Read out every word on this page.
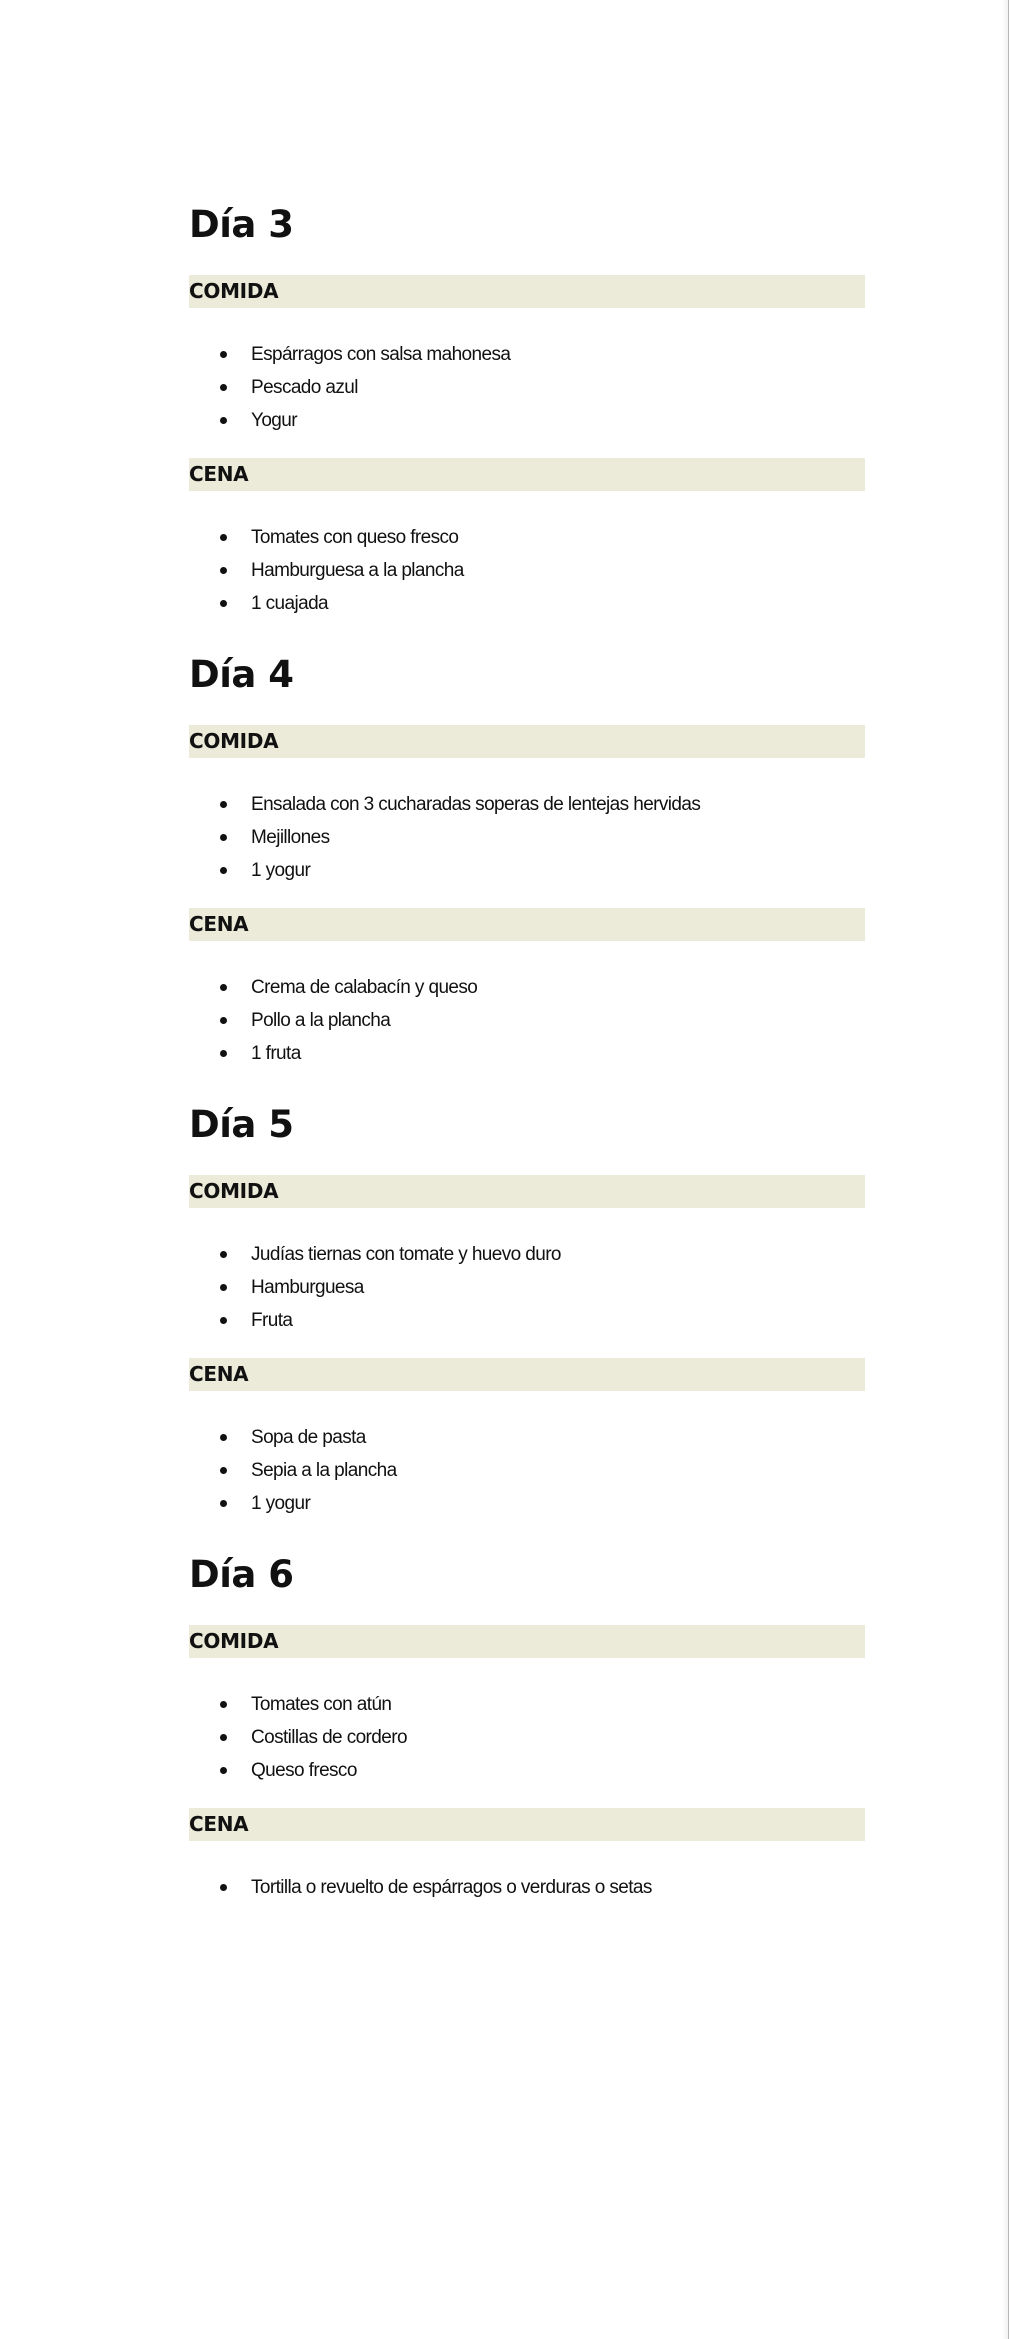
Día 3
COMIDA
Espárragos con salsa mahonesa
Pescado azul
Yogur
CENA
Tomates con queso fresco
Hamburguesa a la plancha
1 cuajada
Día 4
COMIDA
Ensalada con 3 cucharadas soperas de lentejas hervidas
Mejillones
1 yogur
CENA
Crema de calabacín y queso
Pollo a la plancha
1 fruta
Día 5
COMIDA
Judías tiernas con tomate y huevo duro
Hamburguesa
Fruta
CENA
Sopa de pasta
Sepia a la plancha
1 yogur
Día 6
COMIDA
Tomates con atún
Costillas de cordero
Queso fresco
CENA
Tortilla o revuelto de espárragos o verduras o setas
